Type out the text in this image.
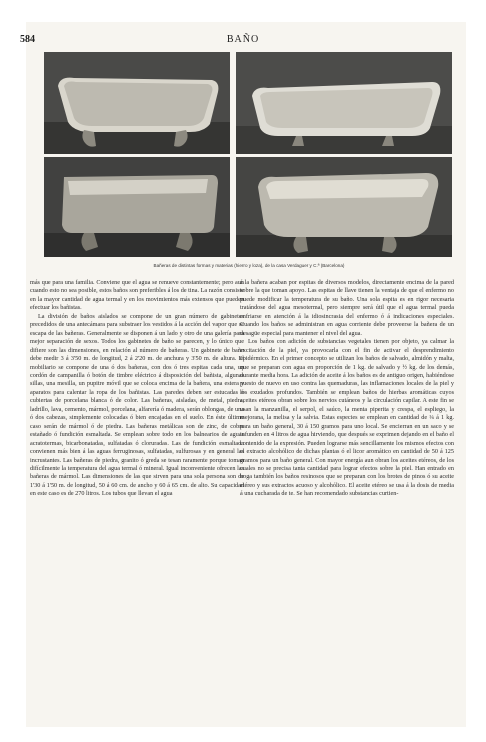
584	BAÑO
Bañeras de distintas formas y materias (hierro y loza), de la casa Verdaguer y C.ª (Barcelona)

más que para una familia. Conviene que el agua se renueve constantemente; pero aun cuando esto no sea posible, estos baños son preferibles á los de tina. La razón consiste en la mayor cantidad de agua termal y en los movimientos más extensos que pueden efectuar los bañistas.

La división de baños aislados se compone de un gran número de gabinetes precedidos de una antecámara para substraer los vestidos á la acción del vapor que se escapa de las bañeras. Generalmente se disponen á un lado y otro de una galería para mejor separación de sexos. Todos los gabinetes de baño se parecen, y lo único que difiere son las dimensiones, en relación al número de bañeras. Un gabinete de baño debe medir 3 á 3'50 m. de longitud, 2 á 2'20 m. de anchura y 3'50 m. de altura. El mobiliario se compone de una ó dos bañeras, con dos ó tres espitas cada una, un cordón de campanilla ó botón de timbre eléctrico á disposición del bañista, algunas sillas, una mesilla, un pupitre móvil que se coloca encima de la bañera, una estera y aparatos para calentar la ropa de los bañistas. Las paredes deben ser estucadas ó cubiertas de porcelana blanca ó de color. Las bañeras, aisladas, de metal, piedra, ladrillo, lava, cemento, mármol, porcelana, alfarería ó madera, serán oblongas, de una ó dos cabezas, simplemente colocadas ó bien encajadas en el suelo. En éste último caso serán de mármol ó de piedra. Las bañeras metálicas son de zinc, de cobre estañado ó fundición esmaltada. Se emplean sobre todo en los balnearios de aguas acratotermas, bicarbonatadas, sulfatadas ó cloruradas. Las de fundición esmaltada convienen más bien á las aguas ferruginosas, sulfatadas, sulfurosas y en general las incrustantes. Las bañeras de piedra, granito ó greda se tesan raramente porque toman difícilmente la temperatura del agua termal ó mineral. Igual inconveniente ofrecen las bañeras de mármol. Las dimensiones de las que sirven para una sola persona son de 1'30 á 1'50 m. de longitud, 50 á 60 cm. de ancho y 60 á 65 cm. de alto. Su capacidad en este caso es de 270 litros. Los tubos que llevan el agua

á la bañera acaban por espitas de diversos modelos, directamente encima de la pared sobre la que toman apoyo. Las espitas de llave tienen la ventaja de que el enfermo no puede modificar la temperatura de su baño. Una sola espita es en rigor necesaria tratándose del agua mesotermal, pero siempre será útil que el agua termal pueda enfriarse en atención á la idiosincrasia del enfermo ó á indicaciones especiales. Cuando los baños se administran en agua corriente debe proveerse la bañera de un desagüe especial para mantener el nivel del agua.

Los baños con adición de substancias vegetales tienen por objeto, ya calmar la excitación de la piel, ya provocarla con el fin de activar el desprendimiento epidérmico. En el primer concepto se utilizan los baños de salvado, almidón y malta, que se preparan con agua en proporción de 1 kg. de salvado y ½ kg. de los demás, durante media hora. La adición de aceite á los baños es de antiguo origen, habiéndose puesto de nuevo en uso contra las quemaduras, las inflamaciones locales de la piel y los exudados profundos. También se emplean baños de hierbas aromáticas cuyos aceites etéreos obran sobre los nervios cutáneos y la circulación capilar. A este fin se usan la manzanilla, el serpol, el saúco, la menta piperita y crespa, el espliego, la mejorana, la melisa y la salvia. Estas especies se emplean en cantidad de ¼ á 1 kg. para un baño general, 30 á 150 gramos para uno local. Se encierran en un saco y se infunden en 4 litros de agua hirviendo, que después se exprimen dejando en el baño el contenido de la expresión. Pueden lograrse más sencillamente los mismos efectos con el extracto alcohólico de dichas plantas ó el licor aromático en cantidad de 50 á 125 gramos para un baño general. Con mayor energía aun obran los aceites etéreos, de los cuales no se precisa tanta cantidad para lograr efectos sobre la piel. Han entrado en boga también los baños resinosos que se preparan con los brotes de pinos ó su aceite etéreo y sus extractos acuoso y alcohólico. El aceite etéreo se usa á la dosis de media á una cucharada de te. Se han recomendado substancias curtien-
